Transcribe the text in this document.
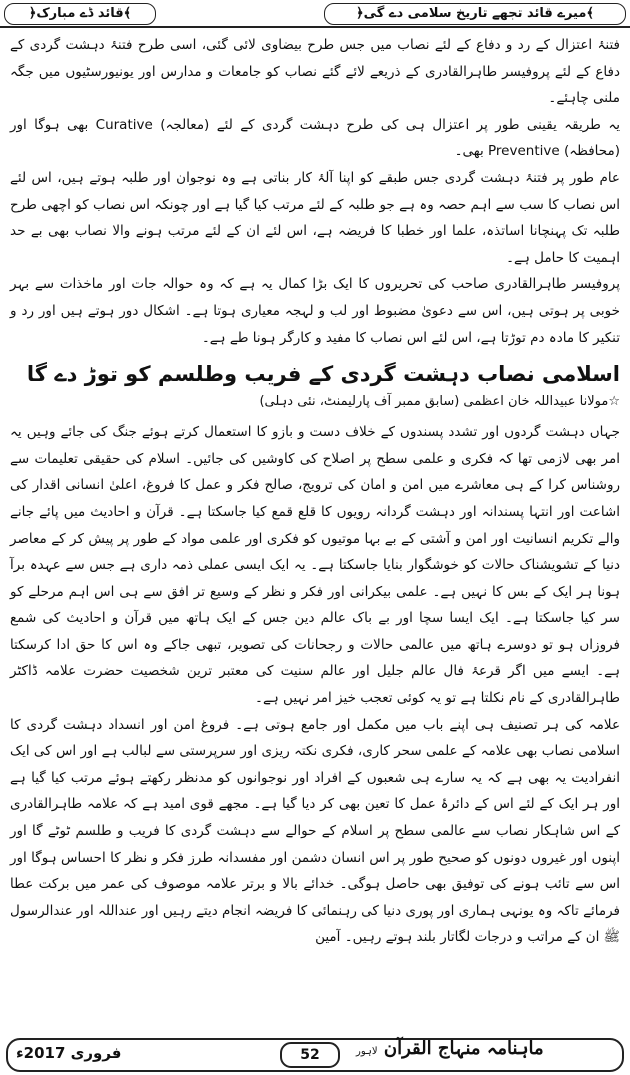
﴾قائد ڈے مبارک﴿	﴾میرے قائد تجھے تاریخ سلامی دے گی﴿

فتنۂ اعتزال کے رد و دفاع کے لئے نصاب میں جس طرح بیضاوی لائی گئی، اسی طرح فتنۂ دہشت گردی کے دفاع کے لئے پروفیسر طاہرالقادری کے ذریعے لائے گئے نصاب کو جامعات و مدارس اور یونیورسٹیوں میں جگہ ملنی چاہئے۔

یہ طریقہ یقینی طور پر اعتزال ہی کی طرح دہشت گردی کے لئے (معالجہ) Curative بھی ہوگا اور (محافظہ) Preventive بھی۔

عام طور پر فتنۂ دہشت گردی جس طبقے کو اپنا آلۂ کار بناتی ہے وہ نوجوان اور طلبہ ہوتے ہیں، اس لئے اس نصاب کا سب سے اہم حصہ وہ ہے جو طلبہ کے لئے مرتب کیا گیا ہے اور چونکہ اس نصاب کو اچھی طرح طلبہ تک پہنچانا اساتذہ، علما اور خطبا کا فریضہ ہے، اس لئے ان کے لئے مرتب ہونے والا نصاب بھی بے حد اہمیت کا حامل ہے۔

پروفیسر طاہرالقادری صاحب کی تحریروں کا ایک بڑا کمال یہ ہے کہ وہ حوالہ جات اور ماخذات سے بہر خوبی پر ہوتی ہیں، اس سے دعویٰ مضبوط اور لب و لہجہ معیاری ہوتا ہے۔ اشکال دور ہوتے ہیں اور رد و تنکیر کا مادہ دم توڑتا ہے، اس لئے اس نصاب کا مفید و کارگر ہونا طے ہے۔

اسلامی نصاب دہشت گردی کے فریب وطلسم کو توڑ دے گا
☆مولانا عبیداللہ خان اعظمی (سابق ممبر آف پارلیمنٹ، نئی دہلی)

جہاں دہشت گردوں اور تشدد پسندوں کے خلاف دست و بازو کا استعمال کرتے ہوئے جنگ کی جائے وہیں یہ امر بھی لازمی تھا کہ فکری و علمی سطح پر اصلاح کی کاوشیں کی جائیں۔ اسلام کی حقیقی تعلیمات سے روشناس کرا کے ہی معاشرے میں امن و امان کی ترویج، صالح فکر و عمل کا فروغ، اعلیٰ انسانی اقدار کی اشاعت اور انتہا پسندانہ اور دہشت گردانہ رویوں کا قلع قمع کیا جاسکتا ہے۔ قرآن و احادیث میں پائے جانے والے تکریم انسانیت اور امن و آشتی کے بے بہا موتیوں کو فکری اور علمی مواد کے طور پر پیش کر کے معاصر دنیا کے تشویشناک حالات کو خوشگوار بنایا جاسکتا ہے۔ یہ ایک ایسی عملی ذمہ داری ہے جس سے عہدہ برآ ہونا ہر ایک کے بس کا نہیں ہے۔ علمی بیکرانی اور فکر و نظر کے وسیع تر افق سے ہی اس اہم مرحلے کو سر کیا جاسکتا ہے۔ ایک ایسا سچا اور بے باک عالم دین جس کے ایک ہاتھ میں قرآن و احادیث کی شمع فروزاں ہو تو دوسرے ہاتھ میں عالمی حالات و رجحانات کی تصویر، تبھی جاکے وہ اس کا حق ادا کرسکتا ہے۔ ایسے میں اگر قرعۂ فال عالم جلیل اور عالم سنیت کی معتبر ترین شخصیت حضرت علامہ ڈاکٹر طاہرالقادری کے نام نکلتا ہے تو یہ کوئی تعجب خیز امر نہیں ہے۔

علامہ کی ہر تصنیف ہی اپنے باب میں مکمل اور جامع ہوتی ہے۔ فروغ امن اور انسداد دہشت گردی کا اسلامی نصاب بھی علامہ کے علمی سحر کاری، فکری نکتہ ریزی اور سرپرستی سے لبالب ہے اور اس کی ایک انفرادیت یہ بھی ہے کہ یہ سارے ہی شعبوں کے افراد اور نوجوانوں کو مدنظر رکھتے ہوئے مرتب کیا گیا ہے اور ہر ایک کے لئے اس کے دائرۂ عمل کا تعین بھی کر دیا گیا ہے۔ مجھے قوی امید ہے کہ علامہ طاہرالقادری کے اس شاہکار نصاب سے عالمی سطح پر اسلام کے حوالے سے دہشت گردی کا فریب و طلسم ٹوٹے گا اور اپنوں اور غیروں دونوں کو صحیح طور پر اس انسان دشمن اور مفسدانہ طرز فکر و نظر کا احساس ہوگا اور اس سے تائب ہونے کی توفیق بھی حاصل ہوگی۔ خدائے بالا و برتر علامہ موصوف کی عمر میں برکت عطا فرمائے تاکہ وہ یونہی ہماری اور پوری دنیا کی رہنمائی کا فریضہ انجام دیتے رہیں اور عنداللہ اور عندالرسول ﷺ ان کے مراتب و درجات لگاتار بلند ہوتے رہیں۔ آمین

فروری 2017ء	52	ماہنامہ منہاج القرآن لاہور
